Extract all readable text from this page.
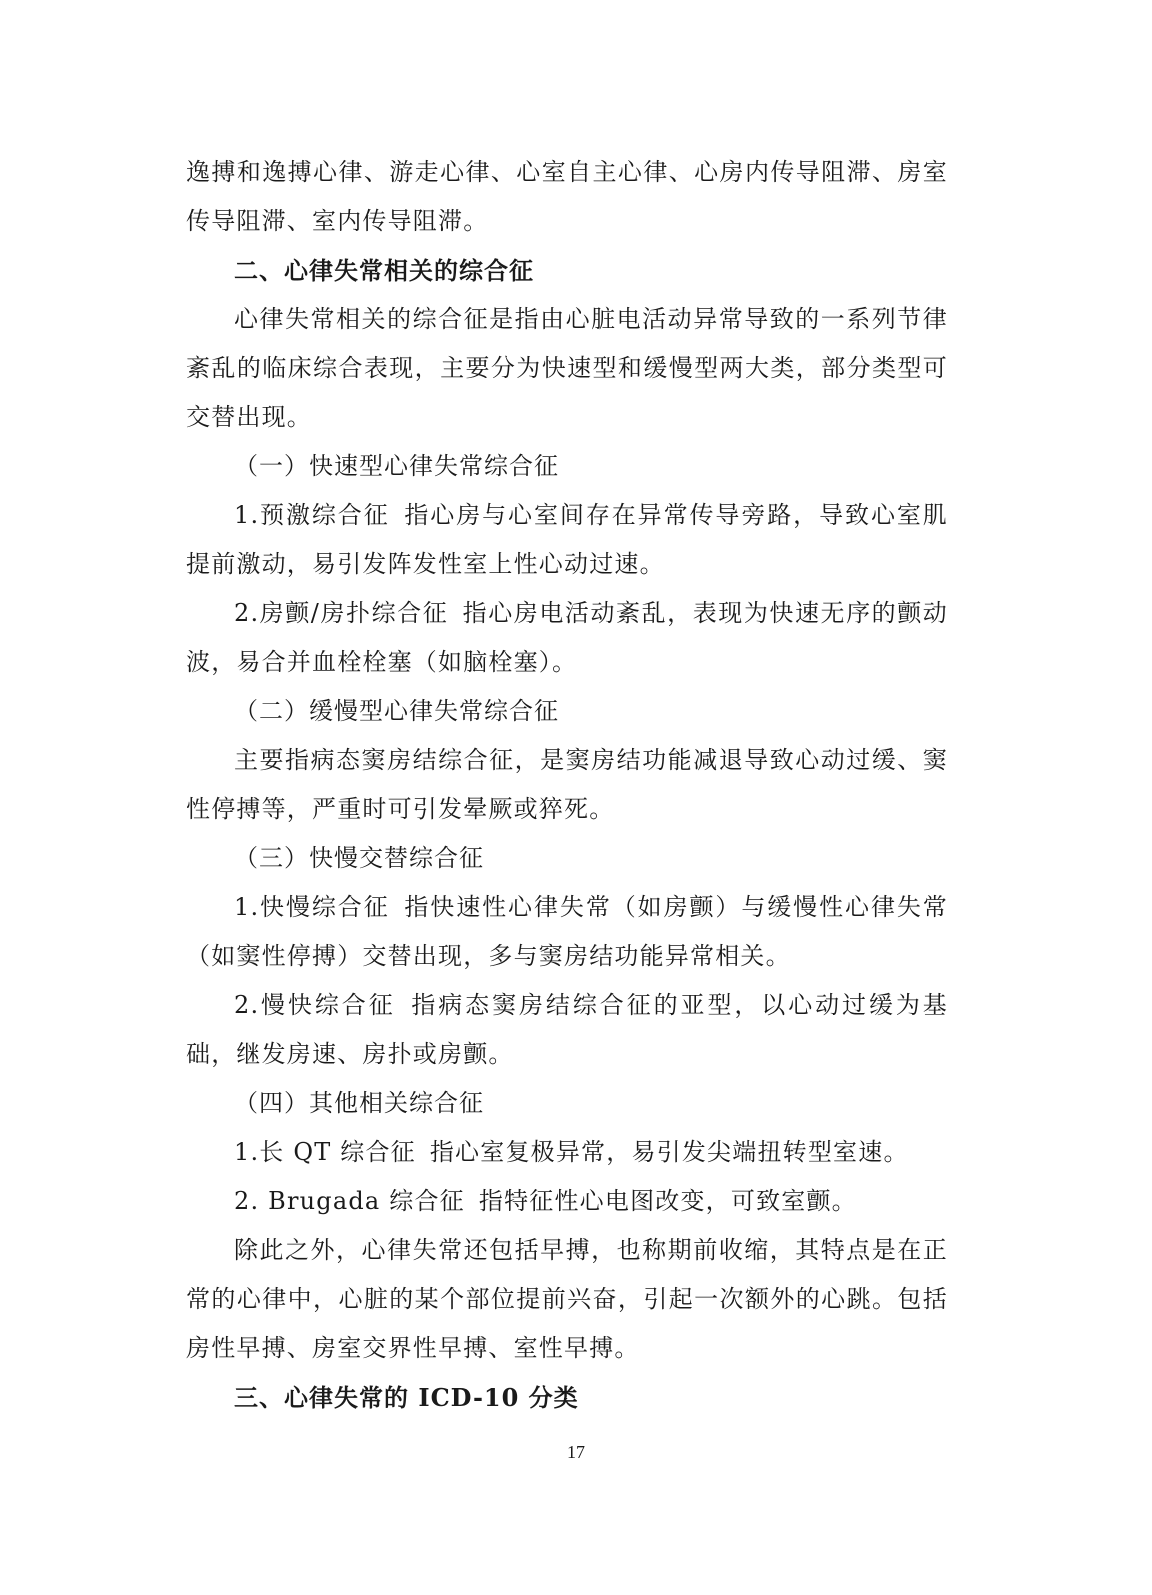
逸搏和逸搏心律、游走心律、心室自主心律、心房内传导阻滞、房室传导阻滞、室内传导阻滞。

二、心律失常相关的综合征

心律失常相关的综合征是指由心脏电活动异常导致的一系列节律紊乱的临床综合表现，主要分为快速型和缓慢型两大类，部分类型可交替出现。

（一）快速型心律失常综合征

1.预激综合征 指心房与心室间存在异常传导旁路，导致心室肌提前激动，易引发阵发性室上性心动过速。

2.房颤/房扑综合征 指心房电活动紊乱，表现为快速无序的颤动波，易合并血栓栓塞（如脑栓塞）。

（二）缓慢型心律失常综合征

主要指病态窦房结综合征，是窦房结功能减退导致心动过缓、窦性停搏等，严重时可引发晕厥或猝死。

（三）快慢交替综合征

1.快慢综合征 指快速性心律失常（如房颤）与缓慢性心律失常（如窦性停搏）交替出现，多与窦房结功能异常相关。

2.慢快综合征 指病态窦房结综合征的亚型，以心动过缓为基础，继发房速、房扑或房颤。

（四）其他相关综合征

1.长 QT 综合征 指心室复极异常，易引发尖端扭转型室速。

2. Brugada 综合征 指特征性心电图改变，可致室颤。

除此之外，心律失常还包括早搏，也称期前收缩，其特点是在正常的心律中，心脏的某个部位提前兴奋，引起一次额外的心跳。包括房性早搏、房室交界性早搏、室性早搏。

三、心律失常的 ICD-10 分类

17
